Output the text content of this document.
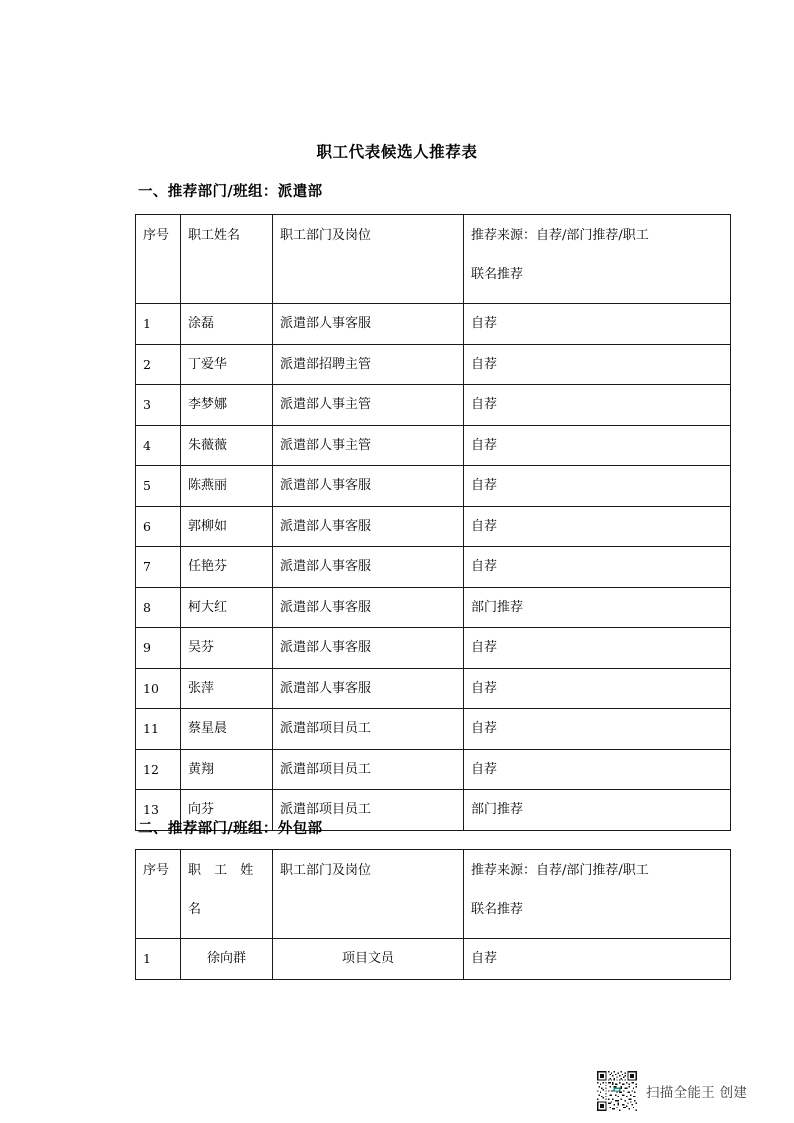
职工代表候选人推荐表
一、推荐部门/班组：派遣部
序号	职工姓名	职工部门及岗位	推荐来源：自荐/部门推荐/职工
联名推荐

1	涂磊	派遣部人事客服	自荐
2	丁爱华	派遣部招聘主管	自荐
3	李梦娜	派遣部人事主管	自荐
4	朱薇薇	派遣部人事主管	自荐
5	陈燕丽	派遣部人事客服	自荐
6	郭柳如	派遣部人事客服	自荐
7	任艳芬	派遣部人事客服	自荐
8	柯大红	派遣部人事客服	部门推荐
9	吴芬	派遣部人事客服	自荐
10	张萍	派遣部人事客服	自荐
11	蔡星晨	派遣部项目员工	自荐
12	黄翔	派遣部项目员工	自荐
13	向芬	派遣部项目员工	部门推荐
二、推荐部门/班组：外包部
序号	职 工 姓
名	职工部门及岗位	推荐来源：自荐/部门推荐/职工
联名推荐

1	徐向群	项目文员	自荐
扫描全能王 创建
